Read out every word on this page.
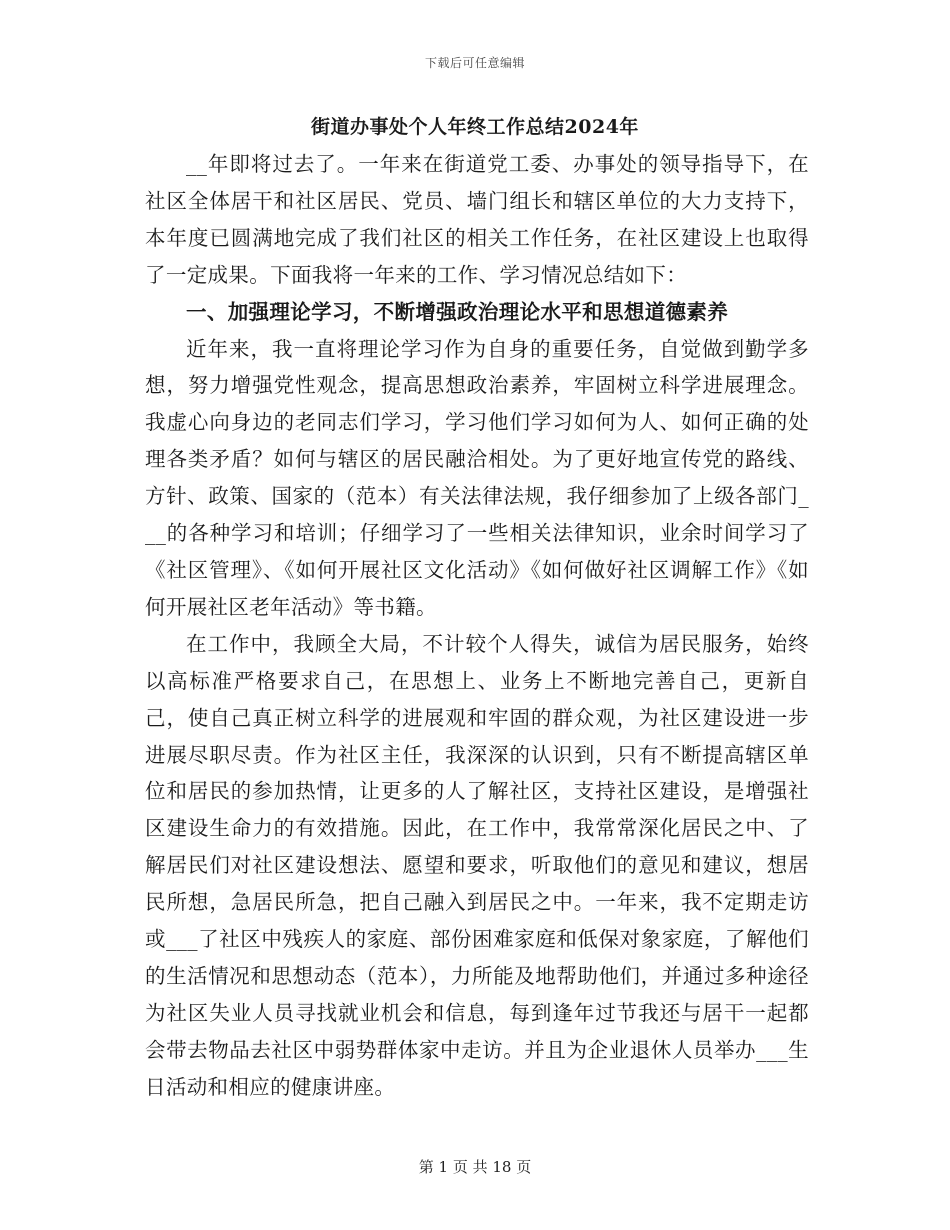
下载后可任意编辑
街道办事处个人年终工作总结2024年

__年即将过去了。一年来在街道党工委、办事处的领导指导下，在社区全体居干和社区居民、党员、墙门组长和辖区单位的大力支持下，本年度已圆满地完成了我们社区的相关工作任务，在社区建设上也取得了一定成果。下面我将一年来的工作、学习情况总结如下：

一、加强理论学习，不断增强政治理论水平和思想道德素养

近年来，我一直将理论学习作为自身的重要任务，自觉做到勤学多想，努力增强党性观念，提高思想政治素养，牢固树立科学进展理念。我虚心向身边的老同志们学习，学习他们学习如何为人、如何正确的处理各类矛盾？如何与辖区的居民融洽相处。为了更好地宣传党的路线、方针、政策、国家的（范本）有关法律法规，我仔细参加了上级各部门___的各种学习和培训；仔细学习了一些相关法律知识，业余时间学习了《社区管理》、《如何开展社区文化活动》《如何做好社区调解工作》《如何开展社区老年活动》等书籍。

在工作中，我顾全大局，不计较个人得失，诚信为居民服务，始终以高标准严格要求自己，在思想上、业务上不断地完善自己，更新自己，使自己真正树立科学的进展观和牢固的群众观，为社区建设进一步进展尽职尽责。作为社区主任，我深深的认识到，只有不断提高辖区单位和居民的参加热情，让更多的人了解社区，支持社区建设，是增强社区建设生命力的有效措施。因此，在工作中，我常常深化居民之中、了解居民们对社区建设想法、愿望和要求，听取他们的意见和建议，想居民所想，急居民所急，把自己融入到居民之中。一年来，我不定期走访或___了社区中残疾人的家庭、部份困难家庭和低保对象家庭，了解他们的生活情况和思想动态（范本），力所能及地帮助他们，并通过多种途径为社区失业人员寻找就业机会和信息，每到逢年过节我还与居干一起都会带去物品去社区中弱势群体家中走访。并且为企业退休人员举办___生日活动和相应的健康讲座。

第 1 页 共 18 页
